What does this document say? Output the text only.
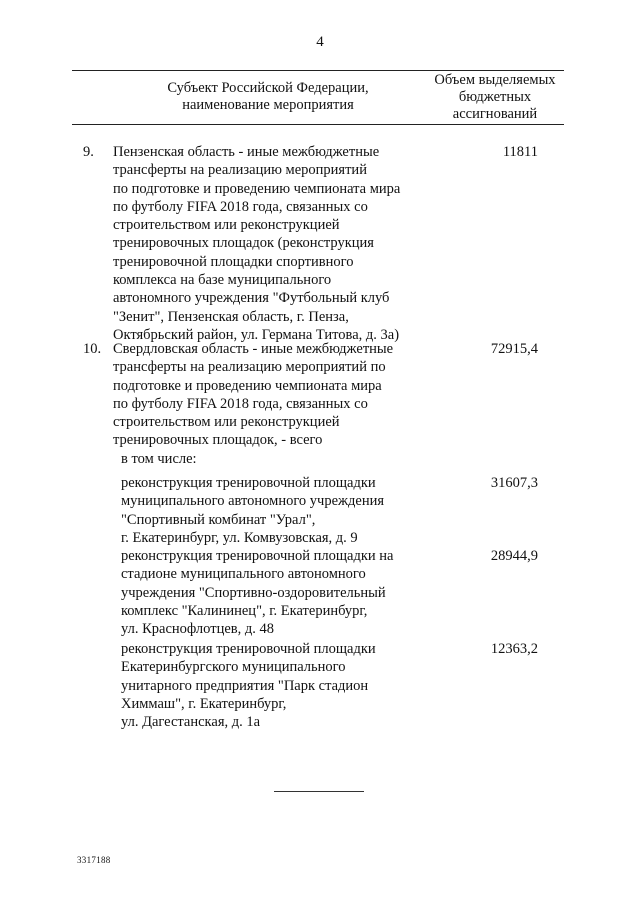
4
Субъект Российской Федерации,
наименование мероприятия
Объем выделяемых
бюджетных
ассигнований
9. Пензенская область - иные межбюджетные
трансферты на реализацию мероприятий
по подготовке и проведению чемпионата мира
по футболу FIFA 2018 года, связанных со
строительством или реконструкцией
тренировочных площадок (реконструкция
тренировочной площадки спортивного
комплекса на базе муниципального
автономного учреждения "Футбольный клуб
"Зенит", Пензенская область, г. Пенза,
Октябрьский район, ул. Германа Титова, д. 3а)
11811
10. Свердловская область - иные межбюджетные
трансферты на реализацию мероприятий по
подготовке и проведению чемпионата мира
по футболу FIFA 2018 года, связанных со
строительством или реконструкцией
тренировочных площадок, - всего
72915,4
в том числе:
реконструкция тренировочной площадки
муниципального автономного учреждения
"Спортивный комбинат "Урал",
г. Екатеринбург, ул. Комвузовская, д. 9
31607,3
реконструкция тренировочной площадки на
стадионе муниципального автономного
учреждения "Спортивно-оздоровительный
комплекс "Калининец", г. Екатеринбург,
ул. Краснофлотцев, д. 48
28944,9
реконструкция тренировочной площадки
Екатеринбургского муниципального
унитарного предприятия "Парк стадион
Химмаш", г. Екатеринбург,
ул. Дагестанская, д. 1а
12363,2
3317188
